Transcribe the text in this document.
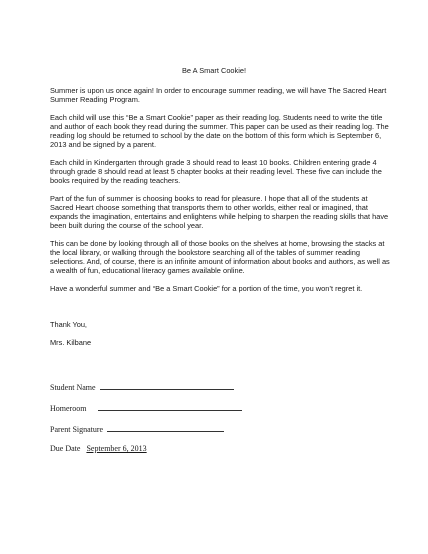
Be A Smart Cookie!

Summer is upon us once again! In order to encourage summer reading, we will have The Sacred Heart Summer Reading Program.

Each child will use this “Be a Smart Cookie” paper as their reading log. Students need to write the title and author of each book they read during the summer. This paper can be used as their reading log. The reading log should be returned to school by the date on the bottom of this form which is September 6, 2013 and be signed by a parent.

Each child in Kindergarten through grade 3 should read to least 10 books. Children entering grade 4 through grade 8 should read at least 5 chapter books at their reading level. These five can include the books required by the reading teachers.

Part of the fun of summer is choosing books to read for pleasure. I hope that all of the students at Sacred Heart choose something that transports them to other worlds, either real or imagined, that expands the imagination, entertains and enlightens while helping to sharpen the reading skills that have been built during the course of the school year.

This can be done by looking through all of those books on the shelves at home, browsing the stacks at the local library, or walking through the bookstore searching all of the tables of summer reading selections. And, of course, there is an infinite amount of information about books and authors, as well as a wealth of fun, educational literacy games available online.

Have a wonderful summer and “Be a Smart Cookie” for a portion of the time, you won’t regret it.

Thank You,

Mrs. Kilbane

Student Name
Homeroom
Parent Signature
Due Date September 6, 2013
